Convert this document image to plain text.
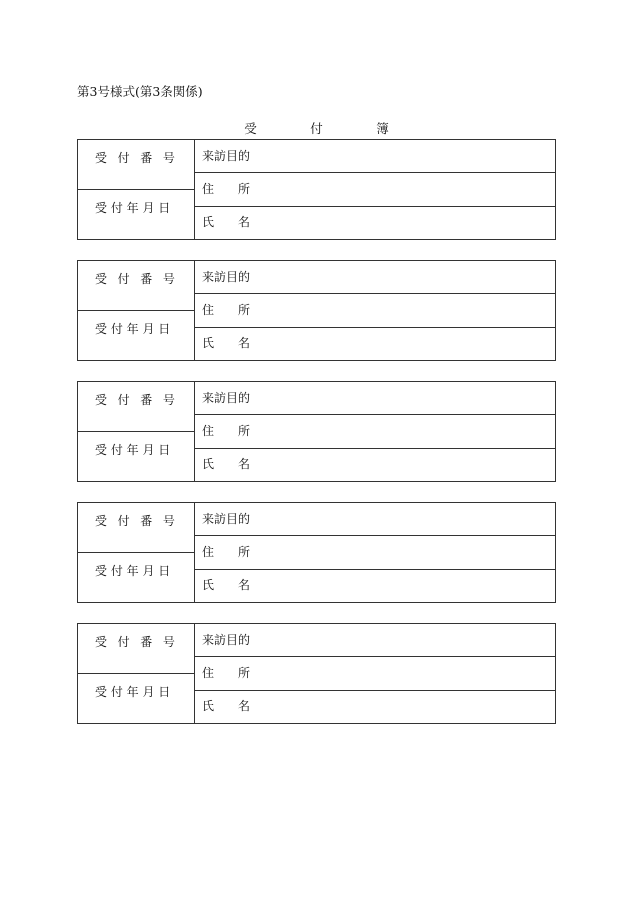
第3号様式(第3条関係)
受	付	簿
受  付  番  号
受 付 年 月 日
来訪目的
住　　所
氏　　名
受  付  番  号
受 付 年 月 日
来訪目的
住　　所
氏　　名
受  付  番  号
受 付 年 月 日
来訪目的
住　　所
氏　　名
受  付  番  号
受 付 年 月 日
来訪目的
住　　所
氏　　名
受  付  番  号
受 付 年 月 日
来訪目的
住　　所
氏　　名
